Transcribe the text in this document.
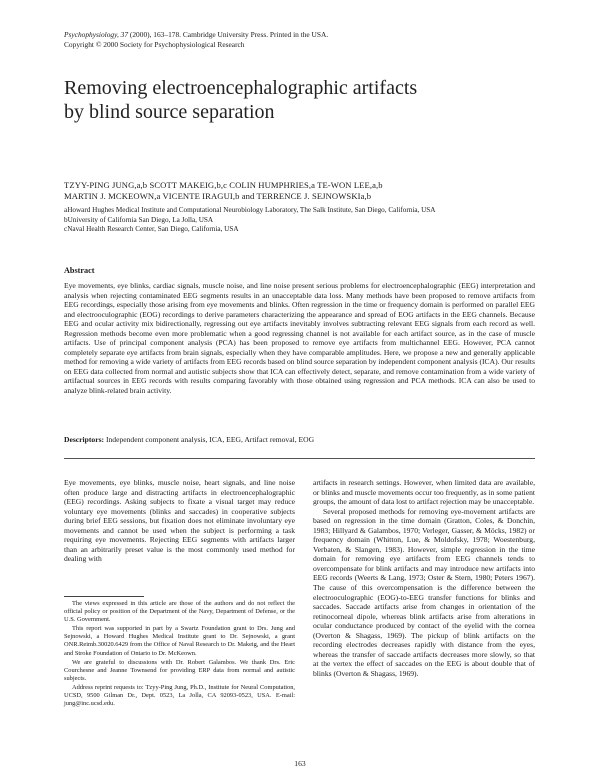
Psychophysiology, 37 (2000), 163–178. Cambridge University Press. Printed in the USA.
Copyright © 2000 Society for Psychophysiological Research
Removing electroencephalographic artifacts
by blind source separation
TZYY-PING JUNG,a,b SCOTT MAKEIG,b,c COLIN HUMPHRIES,a TE-WON LEE,a,b
MARTIN J. MCKEOWN,a VICENTE IRAGUI,b and TERRENCE J. SEJNOWSKIa,b
aHoward Hughes Medical Institute and Computational Neurobiology Laboratory, The Salk Institute, San Diego, California, USA
bUniversity of California San Diego, La Jolla, USA
cNaval Health Research Center, San Diego, California, USA
Abstract
Eye movements, eye blinks, cardiac signals, muscle noise, and line noise present serious problems for electroencephalographic (EEG) interpretation and analysis when rejecting contaminated EEG segments results in an unacceptable data loss. Many methods have been proposed to remove artifacts from EEG recordings, especially those arising from eye movements and blinks. Often regression in the time or frequency domain is performed on parallel EEG and electrooculographic (EOG) recordings to derive parameters characterizing the appearance and spread of EOG artifacts in the EEG channels. Because EEG and ocular activity mix bidirectionally, regressing out eye artifacts inevitably involves subtracting relevant EEG signals from each record as well. Regression methods become even more problematic when a good regressing channel is not available for each artifact source, as in the case of muscle artifacts. Use of principal component analysis (PCA) has been proposed to remove eye artifacts from multichannel EEG. However, PCA cannot completely separate eye artifacts from brain signals, especially when they have comparable amplitudes. Here, we propose a new and generally applicable method for removing a wide variety of artifacts from EEG records based on blind source separation by independent component analysis (ICA). Our results on EEG data collected from normal and autistic subjects show that ICA can effectively detect, separate, and remove contamination from a wide variety of artifactual sources in EEG records with results comparing favorably with those obtained using regression and PCA methods. ICA can also be used to analyze blink-related brain activity.
Descriptors: Independent component analysis, ICA, EEG, Artifact removal, EOG
Eye movements, eye blinks, muscle noise, heart signals, and line noise often produce large and distracting artifacts in electroencephalographic (EEG) recordings. Asking subjects to fixate a visual target may reduce voluntary eye movements (blinks and saccades) in cooperative subjects during brief EEG sessions, but fixation does not eliminate involuntary eye movements and cannot be used when the subject is performing a task requiring eye movements. Rejecting EEG segments with artifacts larger than an arbitrarily preset value is the most commonly used method for dealing with

artifacts in research settings. However, when limited data are available, or blinks and muscle movements occur too frequently, as in some patient groups, the amount of data lost to artifact rejection may be unacceptable.

Several proposed methods for removing eye-movement artifacts are based on regression in the time domain (Gratton, Coles, & Donchin, 1983; Hillyard & Galambos, 1970; Verleger, Gasser, & Möcks, 1982) or frequency domain (Whitton, Lue, & Moldofsky, 1978; Woestenburg, Verbaten, & Slangen, 1983). However, simple regression in the time domain for removing eye artifacts from EEG channels tends to overcompensate for blink artifacts and may introduce new artifacts into EEG records (Weerts & Lang, 1973; Oster & Stern, 1980; Peters 1967). The cause of this overcompensation is the difference between the electrooculographic (EOG)-to-EEG transfer functions for blinks and saccades. Saccade artifacts arise from changes in orientation of the retinocorneal dipole, whereas blink artifacts arise from alterations in ocular conductance produced by contact of the eyelid with the cornea (Overton & Shagass, 1969). The pickup of blink artifacts on the recording electrodes decreases rapidly with distance from the eyes, whereas the transfer of saccade artifacts decreases more slowly, so that at the vertex the effect of saccades on the EEG is about double that of blinks (Overton & Shagass, 1969).

The views expressed in this article are those of the authors and do not reflect the official policy or position of the Department of the Navy, Department of Defense, or the U.S. Government.

This report was supported in part by a Swartz Foundation grant to Drs. Jung and Sejnowski, a Howard Hughes Medical Institute grant to Dr. Sejnowski, a grant ONR.Reimb.30020.6429 from the Office of Naval Research to Dr. Makeig, and the Heart and Stroke Foundation of Ontario to Dr. McKeown.

We are grateful to discussions with Dr. Robert Galambos. We thank Drs. Eric Courchesne and Jeanne Townsend for providing ERP data from normal and autistic subjects.

Address reprint requests to: Tzyy-Ping Jung, Ph.D., Institute for Neural Computation, UCSD, 9500 Gilman Dr., Dept. 0523, La Jolla, CA 92093-0523, USA. E-mail: jung@inc.ucsd.edu.

163
